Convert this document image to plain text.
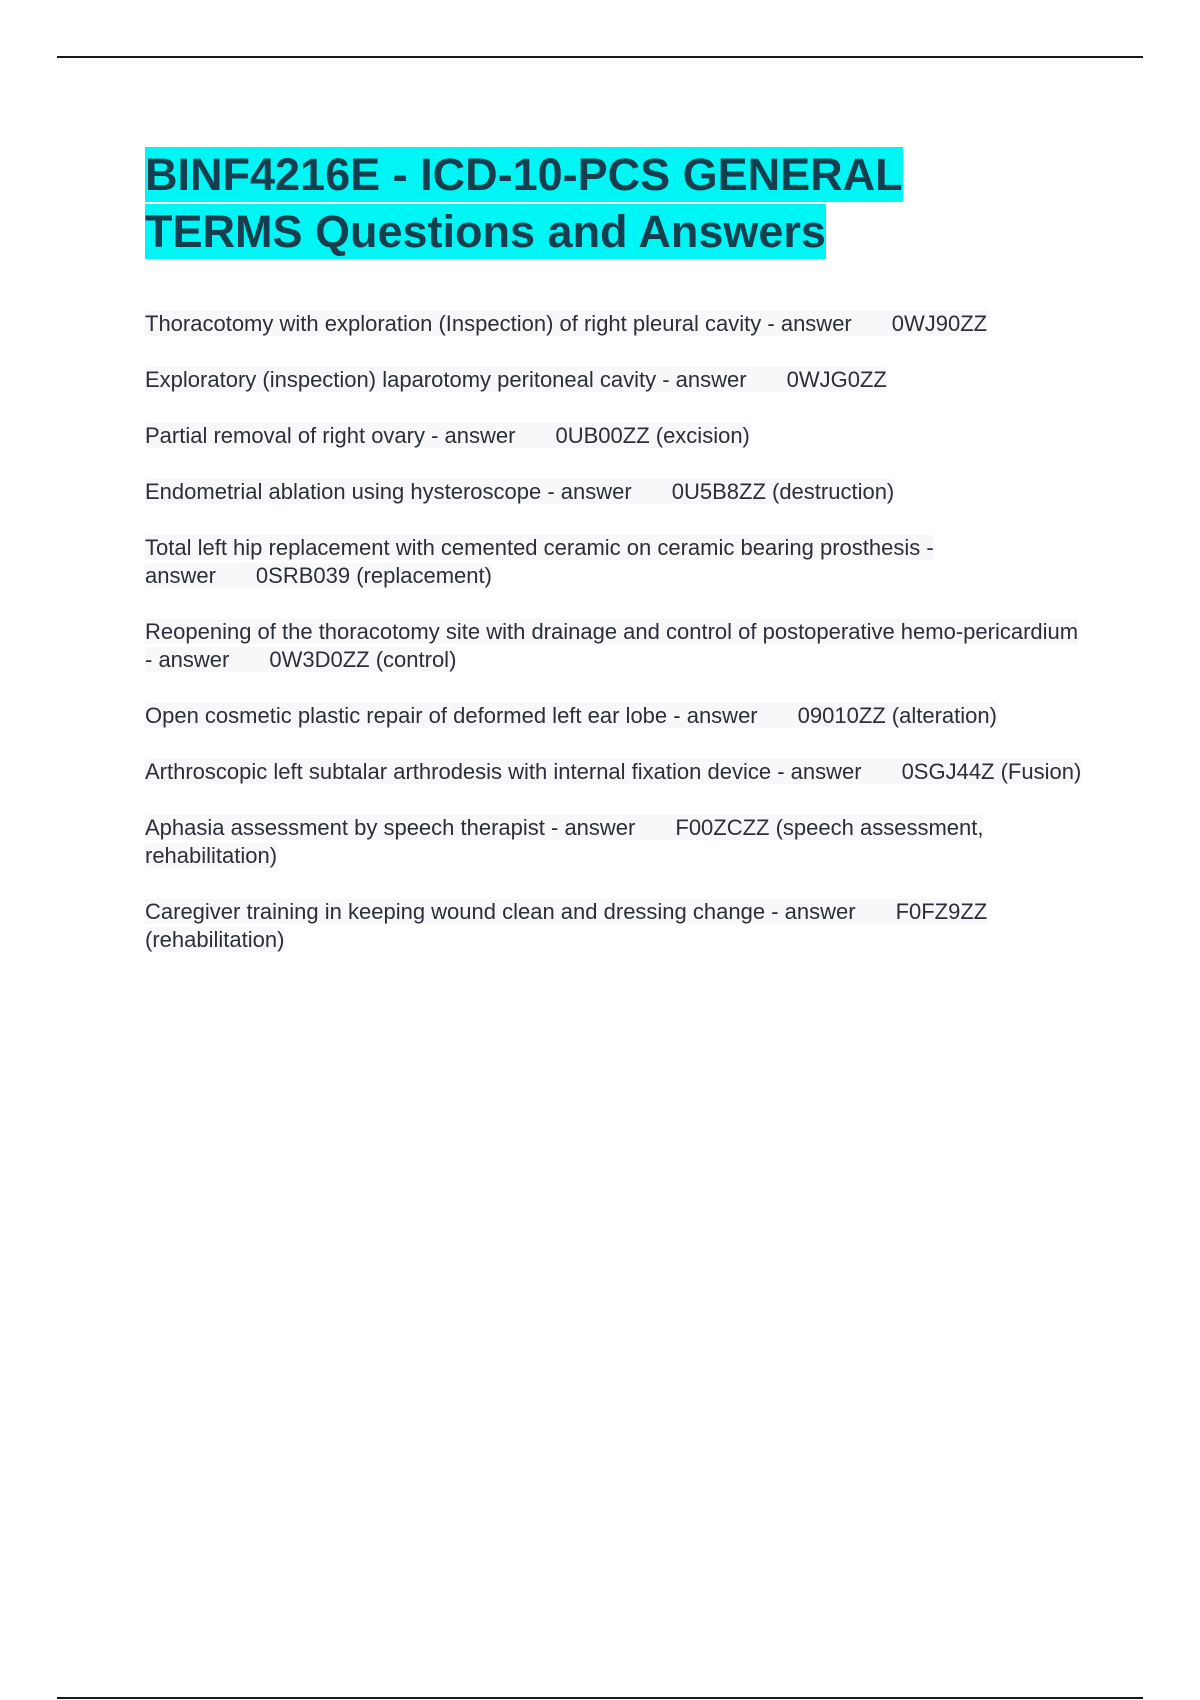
BINF4216E - ICD-10-PCS GENERAL
TERMS Questions and Answers
Thoracotomy with exploration (Inspection) of right pleural cavity - answer 0WJ90ZZ
Exploratory (inspection) laparotomy peritoneal cavity - answer 0WJG0ZZ
Partial removal of right ovary - answer 0UB00ZZ (excision)
Endometrial ablation using hysteroscope - answer 0U5B8ZZ (destruction)
Total left hip replacement with cemented ceramic on ceramic bearing prosthesis - answer 0SRB039 (replacement)
Reopening of the thoracotomy site with drainage and control of postoperative hemo-pericardium - answer 0W3D0ZZ (control)
Open cosmetic plastic repair of deformed left ear lobe - answer 09010ZZ (alteration)
Arthroscopic left subtalar arthrodesis with internal fixation device - answer 0SGJ44Z (Fusion)
Aphasia assessment by speech therapist - answer F00ZCZZ (speech assessment, rehabilitation)
Caregiver training in keeping wound clean and dressing change - answer F0FZ9ZZ (rehabilitation)
